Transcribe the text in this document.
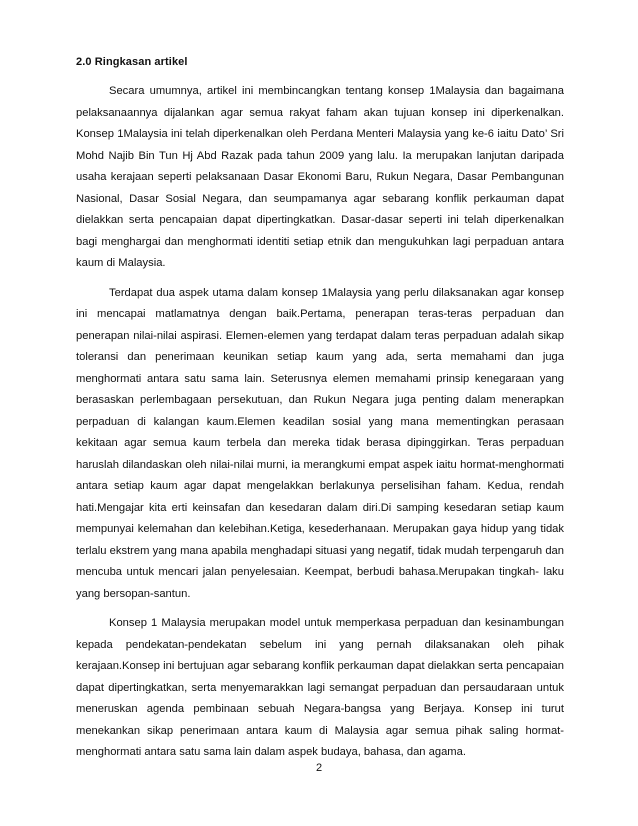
2.0 Ringkasan artikel

Secara umumnya, artikel ini membincangkan tentang konsep 1Malaysia dan bagaimana pelaksanaannya dijalankan agar semua rakyat faham akan tujuan konsep ini diperkenalkan. Konsep 1Malaysia ini telah diperkenalkan oleh Perdana Menteri Malaysia yang ke-6 iaitu Dato’ Sri Mohd Najib Bin Tun Hj Abd Razak pada tahun 2009 yang lalu. Ia merupakan lanjutan daripada usaha kerajaan seperti pelaksanaan Dasar Ekonomi Baru, Rukun Negara, Dasar Pembangunan Nasional, Dasar Sosial Negara, dan seumpamanya agar sebarang konflik perkauman dapat dielakkan serta pencapaian dapat dipertingkatkan. Dasar-dasar seperti ini telah diperkenalkan bagi menghargai dan menghormati identiti setiap etnik dan mengukuhkan lagi perpaduan antara kaum di Malaysia.

Terdapat dua aspek utama dalam konsep 1Malaysia yang perlu dilaksanakan agar konsep ini mencapai matlamatnya dengan baik.Pertama, penerapan teras-teras perpaduan dan penerapan nilai-nilai aspirasi. Elemen-elemen yang terdapat dalam teras perpaduan adalah sikap toleransi dan penerimaan keunikan setiap kaum yang ada, serta memahami dan juga menghormati antara satu sama lain. Seterusnya elemen memahami prinsip kenegaraan yang berasaskan perlembagaan persekutuan, dan Rukun Negara juga penting dalam menerapkan perpaduan di kalangan kaum.Elemen keadilan sosial yang mana mementingkan perasaan kekitaan agar semua kaum terbela dan mereka tidak berasa dipinggirkan. Teras perpaduan haruslah dilandaskan oleh nilai-nilai murni, ia merangkumi empat aspek iaitu hormat-menghormati antara setiap kaum agar dapat mengelakkan berlakunya perselisihan faham. Kedua, rendah hati.Mengajar kita erti keinsafan dan kesedaran dalam diri.Di samping kesedaran setiap kaum mempunyai kelemahan dan kelebihan.Ketiga, kesederhanaan. Merupakan gaya hidup yang tidak terlalu ekstrem yang mana apabila menghadapi situasi yang negatif, tidak mudah terpengaruh dan mencuba untuk mencari jalan penyelesaian. Keempat, berbudi bahasa.Merupakan tingkah- laku yang bersopan-santun.

Konsep 1 Malaysia merupakan model untuk memperkasa perpaduan dan kesinambungan kepada pendekatan-pendekatan sebelum ini yang pernah dilaksanakan oleh pihak kerajaan.Konsep ini bertujuan agar sebarang konflik perkauman dapat dielakkan serta pencapaian dapat dipertingkatkan, serta menyemarakkan lagi semangat perpaduan dan persaudaraan untuk meneruskan agenda pembinaan sebuah Negara-bangsa yang Berjaya. Konsep ini turut menekankan sikap penerimaan antara kaum di Malaysia agar semua pihak saling hormat-menghormati antara satu sama lain dalam aspek budaya, bahasa, dan agama.

2
